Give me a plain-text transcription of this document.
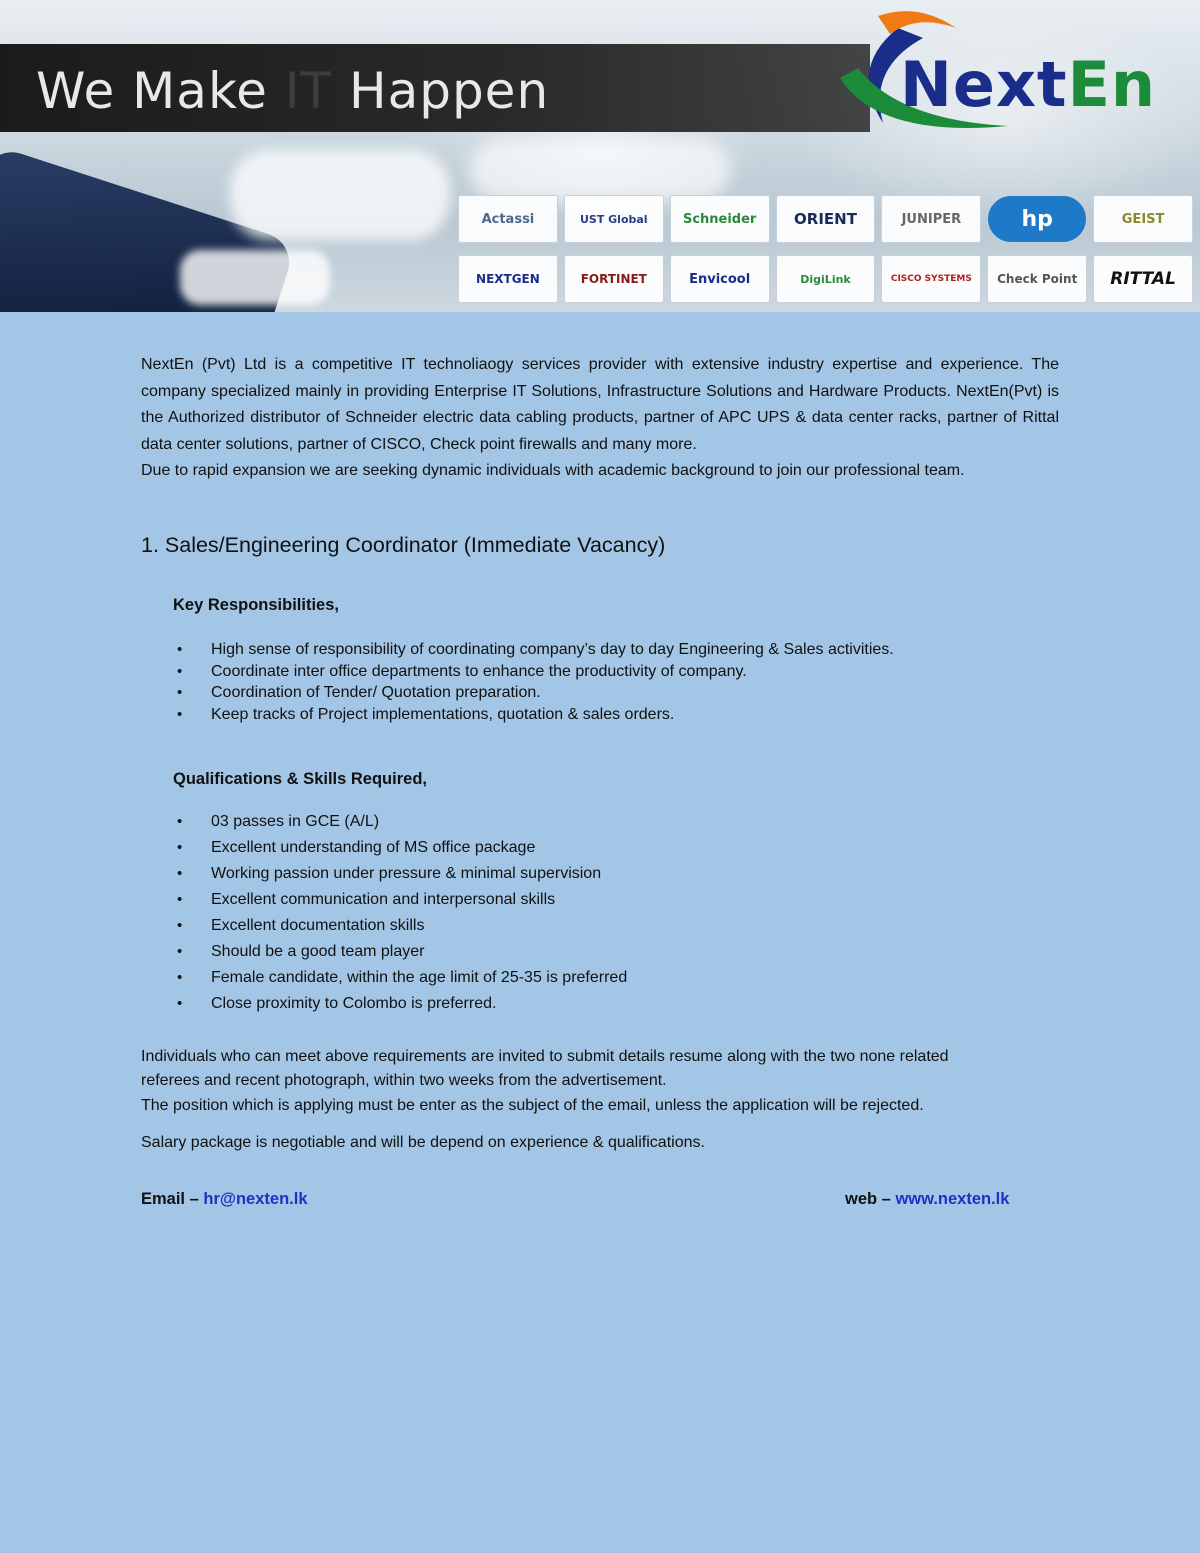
We Make IT Happen	NextEn
Actassi	UST Global	Schneider	ORIENT	JUNIPER	hp	GEIST
NEXTGEN	FORTINET	Envicool	DigiLink	CISCO SYSTEMS	Check Point	RITTAL

NextEn (Pvt) Ltd is a competitive IT technoliaogy services provider with extensive industry expertise and experience. The company specialized mainly in providing Enterprise IT Solutions, Infrastructure Solutions and Hardware Products. NextEn(Pvt) is the Authorized distributor of Schneider electric data cabling products, partner of APC UPS & data center racks, partner of Rittal data center solutions, partner of CISCO, Check point firewalls and many more.

Due to rapid expansion we are seeking dynamic individuals with academic background to join our professional team.

1. Sales/Engineering Coordinator (Immediate Vacancy)
Key Responsibilities,
• High sense of responsibility of coordinating company’s day to day Engineering & Sales activities.
• Coordinate inter office departments to enhance the productivity of company.
• Coordination of Tender/ Quotation preparation.
• Keep tracks of Project implementations, quotation & sales orders.
Qualifications & Skills Required,
• 03 passes in GCE (A/L)
• Excellent understanding of MS office package
• Working passion under pressure & minimal supervision
• Excellent communication and interpersonal skills
• Excellent documentation skills
• Should be a good team player
• Female candidate, within the age limit of 25-35 is preferred
• Close proximity to Colombo is preferred.

Individuals who can meet above requirements are invited to submit details resume along with the two none related

referees and recent photograph, within two weeks from the advertisement.

The position which is applying must be enter as the subject of the email, unless the application will be rejected.

Salary package is negotiable and will be depend on experience & qualifications.

Email – hr@nexten.lk	web – www.nexten.lk
